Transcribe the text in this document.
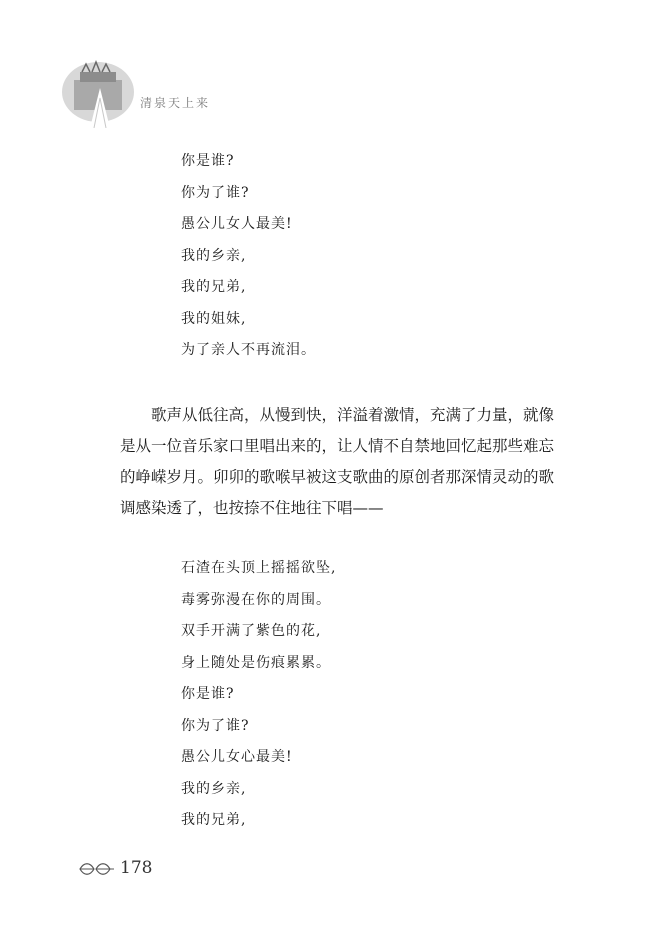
清泉天上来
你是谁?
你为了谁?
愚公儿女人最美!
我的乡亲,
我的兄弟,
我的姐妹,
为了亲人不再流泪。
　　歌声从低往高，从慢到快，洋溢着激情，充满了力量，就像
是从一位音乐家口里唱出来的，让人情不自禁地回忆起那些难忘
的峥嵘岁月。卯卯的歌喉早被这支歌曲的原创者那深情灵动的歌
调感染透了，也按捺不住地往下唱——
石渣在头顶上摇摇欲坠,
毒雾弥漫在你的周围。
双手开满了紫色的花,
身上随处是伤痕累累。
你是谁?
你为了谁?
愚公儿女心最美!
我的乡亲,
我的兄弟,
178
